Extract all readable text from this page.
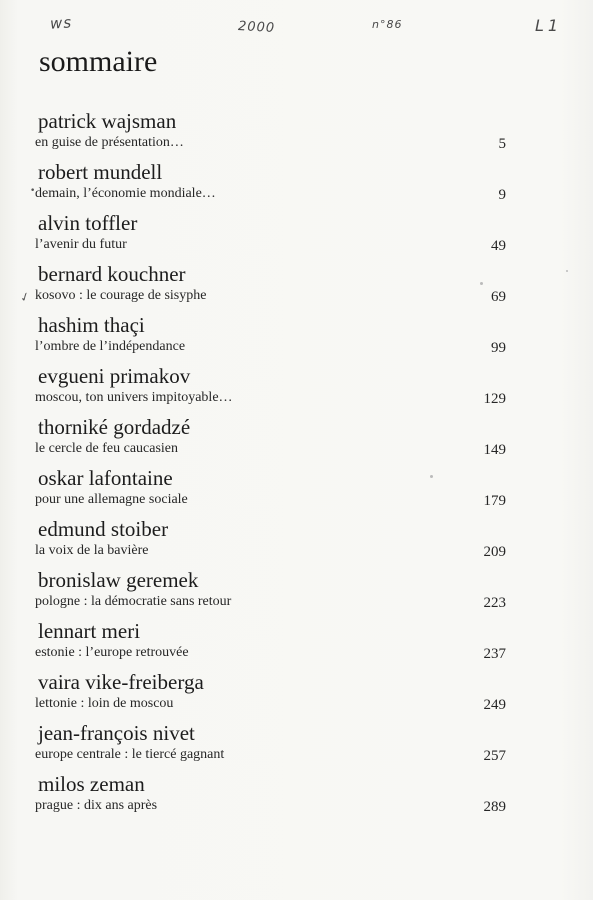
ws	2000	n°86	L1
sommaire
•
✓
patrick wajsman
en guise de présentation…	5
robert mundell
demain, l’économie mondiale…	9
alvin toffler
l’avenir du futur	49
bernard kouchner
kosovo : le courage de sisyphe	69
hashim thaçi
l’ombre de l’indépendance	99
evgueni primakov
moscou, ton univers impitoyable…	129
thorniké gordadzé
le cercle de feu caucasien	149
oskar lafontaine
pour une allemagne sociale	179
edmund stoiber
la voix de la bavière	209
bronislaw geremek
pologne : la démocratie sans retour	223
lennart meri
estonie : l’europe retrouvée	237
vaira vike-freiberga
lettonie : loin de moscou	249
jean-françois nivet
europe centrale : le tiercé gagnant	257
milos zeman
prague : dix ans après	289
